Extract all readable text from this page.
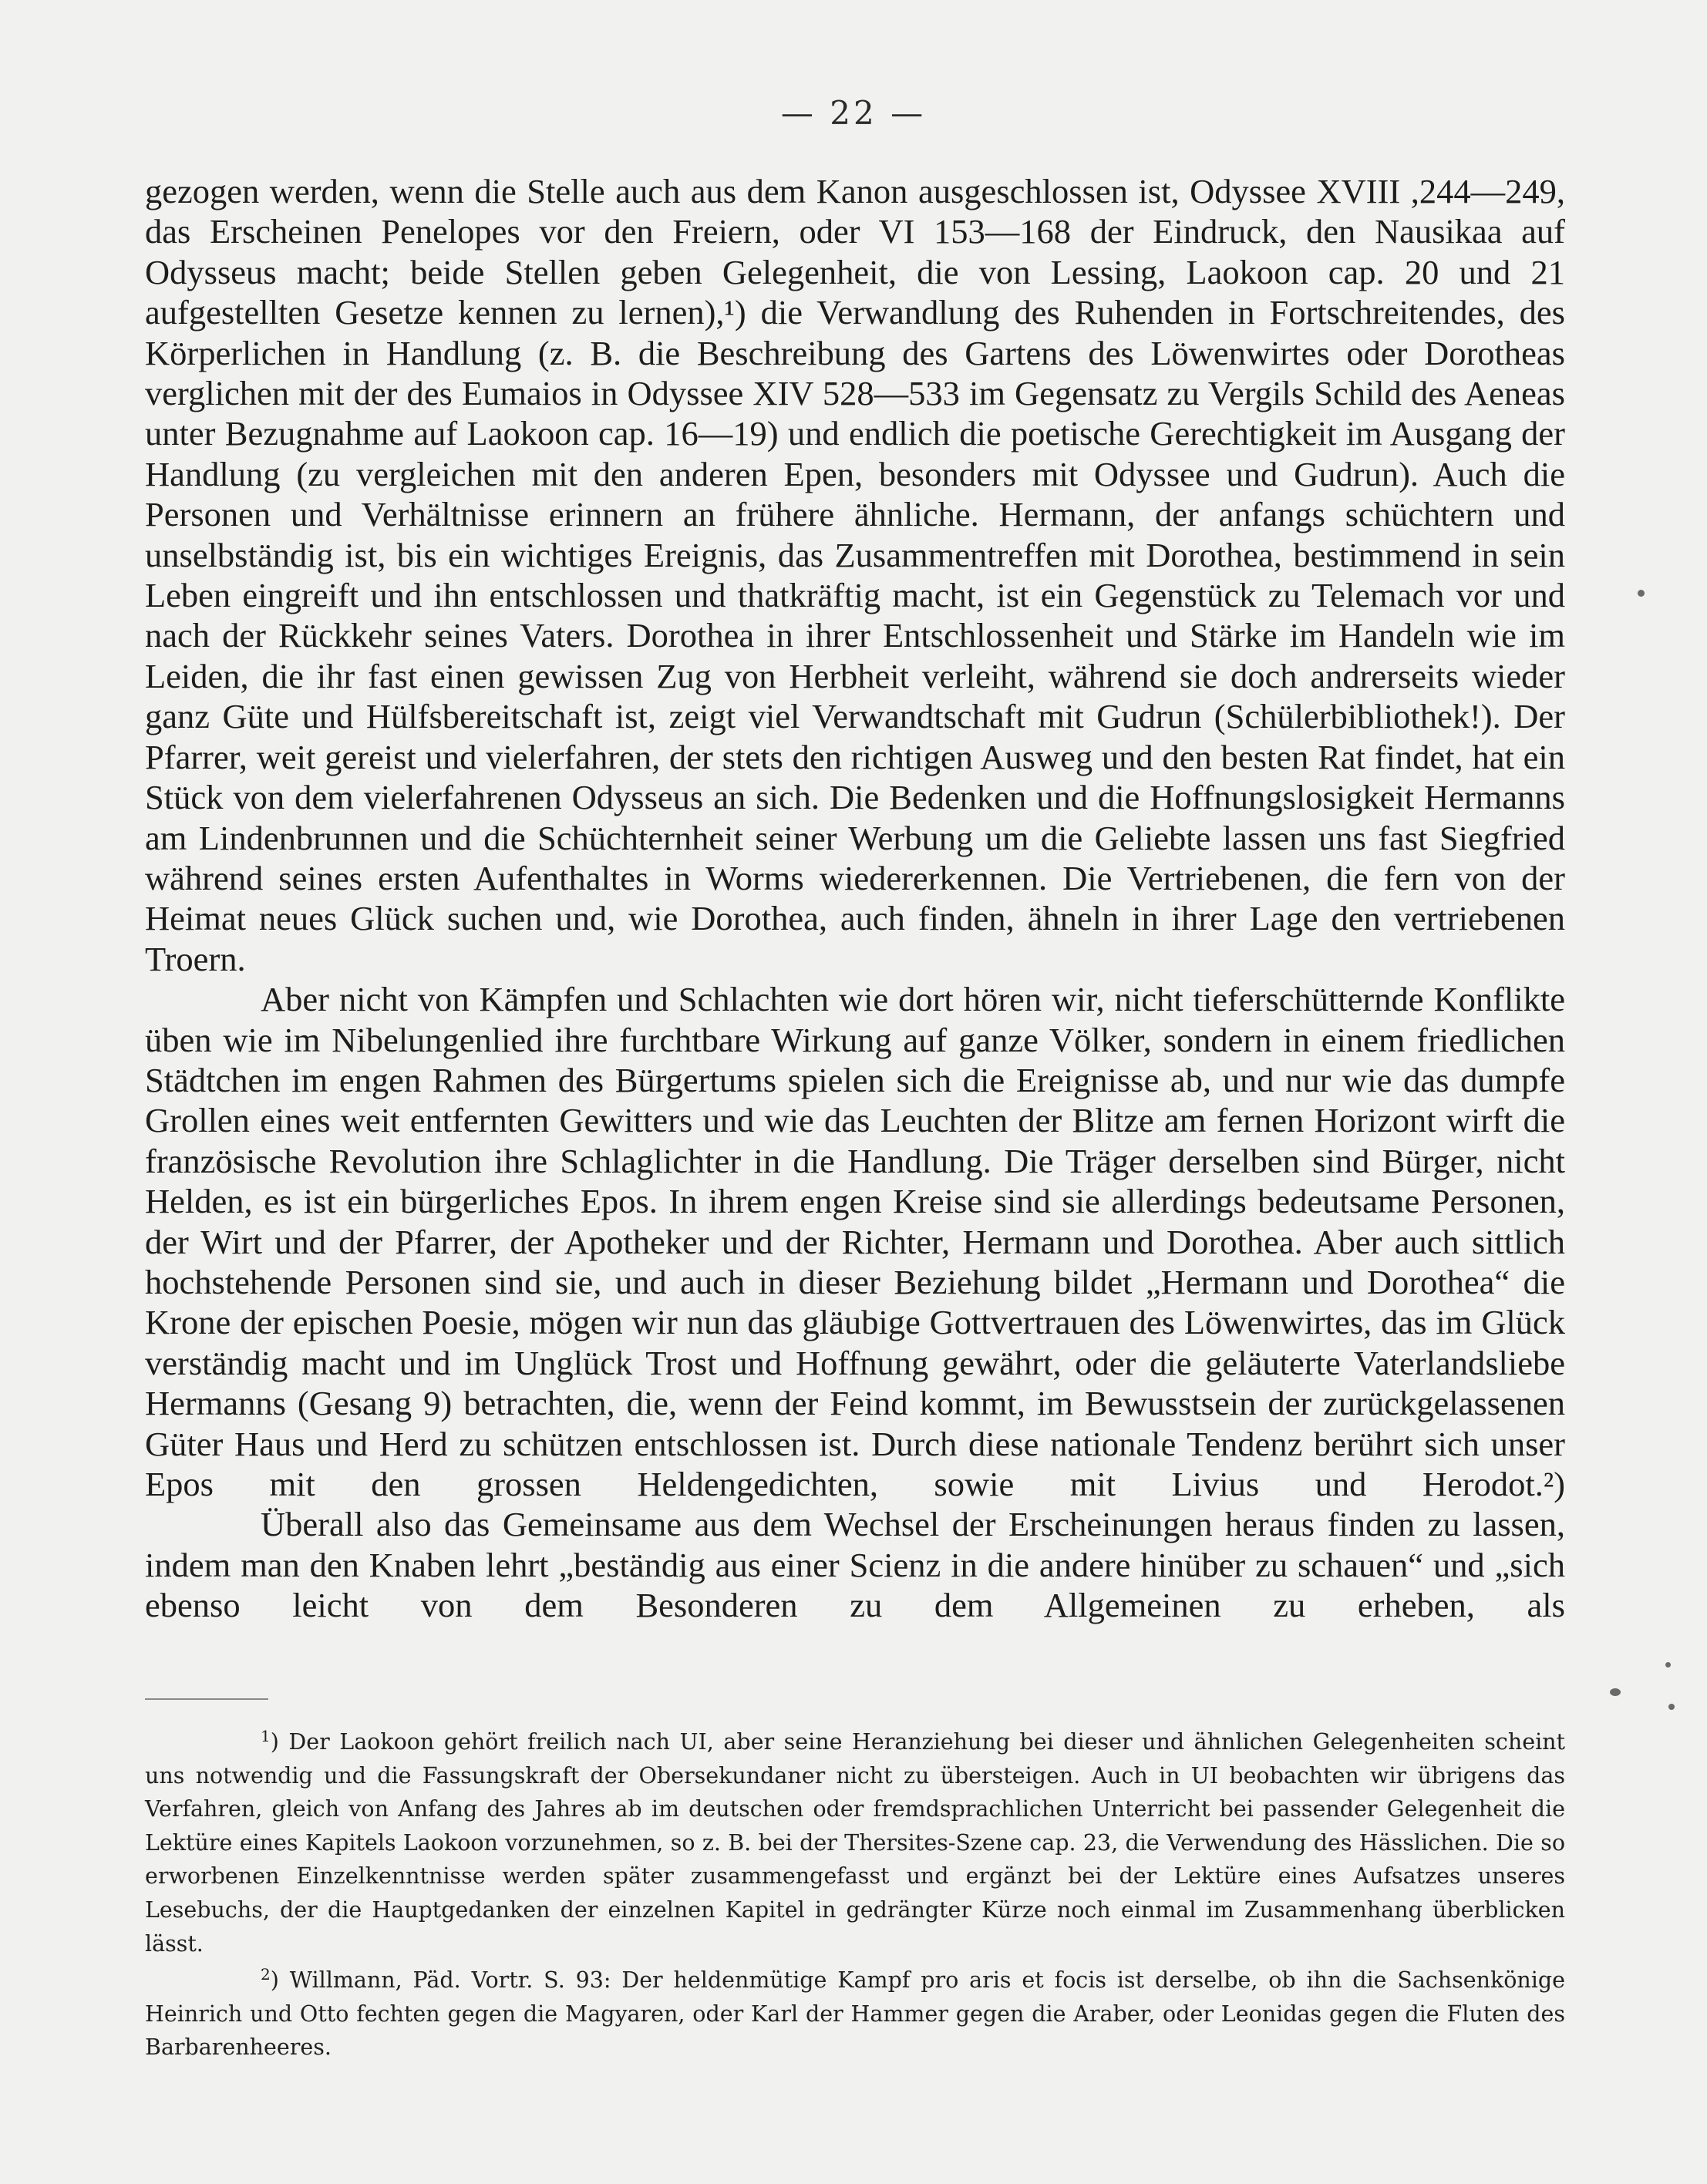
— 22 —

gezogen werden, wenn die Stelle auch aus dem Kanon ausgeschlossen ist, Odyssee XVIII ,244—249, das Erscheinen Penelopes vor den Freiern, oder VI 153—168 der Eindruck, den Nausikaa auf Odysseus macht; beide Stellen geben Gelegenheit, die von Lessing, Laokoon cap. 20 und 21 aufgestellten Gesetze kennen zu lernen),¹) die Verwandlung des Ruhenden in Fortschreitendes, des Körperlichen in Handlung (z. B. die Beschreibung des Gartens des Löwenwirtes oder Dorotheas verglichen mit der des Eumaios in Odyssee XIV 528—533 im Gegensatz zu Vergils Schild des Aeneas unter Bezugnahme auf Laokoon cap. 16—19) und endlich die poetische Gerechtigkeit im Ausgang der Handlung (zu vergleichen mit den anderen Epen, besonders mit Odyssee und Gudrun). Auch die Personen und Verhältnisse erinnern an frühere ähnliche. Hermann, der anfangs schüchtern und unselbständig ist, bis ein wichtiges Ereignis, das Zusammentreffen mit Dorothea, bestimmend in sein Leben eingreift und ihn entschlossen und thatkräftig macht, ist ein Gegenstück zu Telemach vor und nach der Rückkehr seines Vaters. Dorothea in ihrer Entschlossenheit und Stärke im Handeln wie im Leiden, die ihr fast einen gewissen Zug von Herbheit verleiht, während sie doch andrerseits wieder ganz Güte und Hülfsbereitschaft ist, zeigt viel Verwandtschaft mit Gudrun (Schülerbibliothek!). Der Pfarrer, weit gereist und vielerfahren, der stets den richtigen Ausweg und den besten Rat findet, hat ein Stück von dem vielerfahrenen Odysseus an sich. Die Bedenken und die Hoffnungslosigkeit Hermanns am Lindenbrunnen und die Schüchternheit seiner Werbung um die Geliebte lassen uns fast Siegfried während seines ersten Aufenthaltes in Worms wiedererkennen. Die Vertriebenen, die fern von der Heimat neues Glück suchen und, wie Dorothea, auch finden, ähneln in ihrer Lage den vertriebenen Troern.

Aber nicht von Kämpfen und Schlachten wie dort hören wir, nicht tieferschütternde Konflikte üben wie im Nibelungenlied ihre furchtbare Wirkung auf ganze Völker, sondern in einem friedlichen Städtchen im engen Rahmen des Bürgertums spielen sich die Ereignisse ab, und nur wie das dumpfe Grollen eines weit entfernten Gewitters und wie das Leuchten der Blitze am fernen Horizont wirft die französische Revolution ihre Schlaglichter in die Handlung. Die Träger derselben sind Bürger, nicht Helden, es ist ein bürgerliches Epos. In ihrem engen Kreise sind sie allerdings bedeutsame Personen, der Wirt und der Pfarrer, der Apotheker und der Richter, Hermann und Dorothea. Aber auch sittlich hochstehende Personen sind sie, und auch in dieser Beziehung bildet „Hermann und Dorothea“ die Krone der epischen Poesie, mögen wir nun das gläubige Gottvertrauen des Löwenwirtes, das im Glück verständig macht und im Unglück Trost und Hoffnung gewährt, oder die geläuterte Vaterlandsliebe Hermanns (Gesang 9) betrachten, die, wenn der Feind kommt, im Bewusstsein der zurückgelassenen Güter Haus und Herd zu schützen entschlossen ist. Durch diese nationale Tendenz berührt sich unser Epos mit den grossen Heldengedichten, sowie mit Livius und Herodot.²)

Überall also das Gemeinsame aus dem Wechsel der Erscheinungen heraus finden zu lassen, indem man den Knaben lehrt „beständig aus einer Scienz in die andere hinüber zu schauen“ und „sich ebenso leicht von dem Besonderen zu dem Allgemeinen zu erheben, als

$^1$) Der Laokoon gehört freilich nach UI, aber seine Heranziehung bei dieser und ähnlichen Gelegenheiten scheint uns notwendig und die Fassungskraft der Obersekundaner nicht zu übersteigen. Auch in UI beobachten wir übrigens das Verfahren, gleich von Anfang des Jahres ab im deutschen oder fremdsprachlichen Unterricht bei passender Gelegenheit die Lektüre eines Kapitels Laokoon vorzunehmen, so z. B. bei der Thersites-Szene cap. 23, die Verwendung des Hässlichen. Die so erworbenen Einzelkenntnisse werden später zusammengefasst und ergänzt bei der Lektüre eines Aufsatzes unseres Lesebuchs, der die Hauptgedanken der einzelnen Kapitel in gedrängter Kürze noch einmal im Zusammenhang überblicken lässt.

$^2$) Willmann, Päd. Vortr. S. 93: Der heldenmütige Kampf pro aris et focis ist derselbe, ob ihn die Sachsenkönige Heinrich und Otto fechten gegen die Magyaren, oder Karl der Hammer gegen die Araber, oder Leonidas gegen die Fluten des Barbarenheeres.
